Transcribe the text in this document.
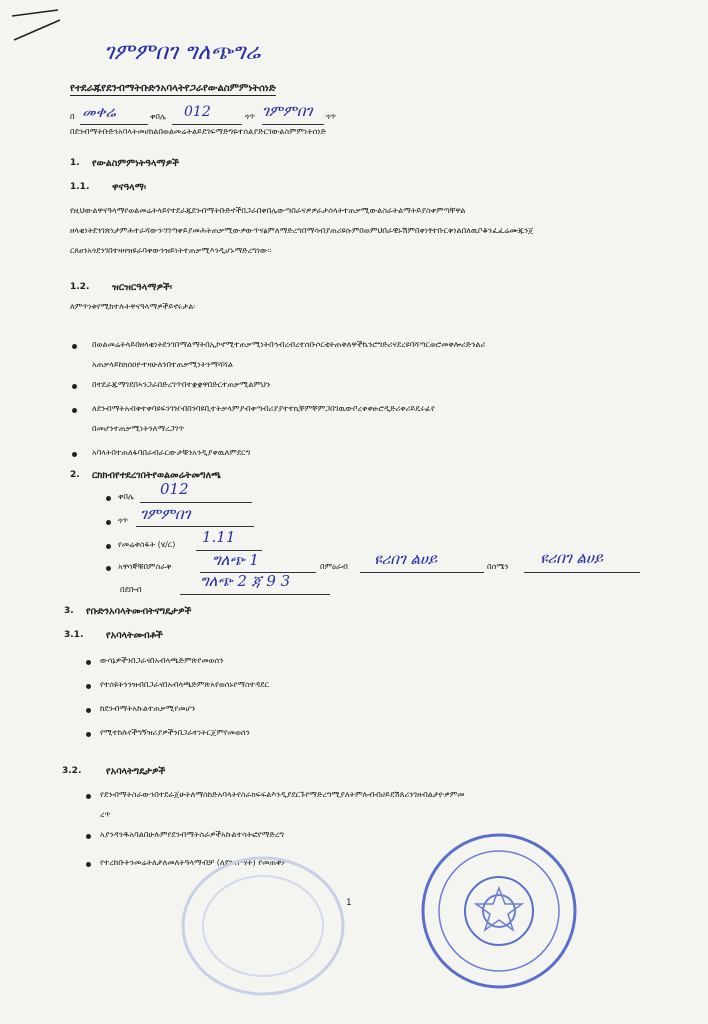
ገምምበገ ግለጭግሬ
የተደራጁየደንብማትቡድንአባላትየጋራየውልስምምነትሰነድ
በ መቀሬ	ቀበሌ 012	ጎጥ ገምምበገ ጎጥ
በደንብማትቡድንአባላትመሀከልበወልመሬትልይደገፍማድግዬተሰልያድርገውልስምምነትሰነድ
1. የውልስምምነትዓላማዎች
1.1. ዋናዓላማ፡
የዚህውልዋናዓላማየወልመሬትላይየተደራጁደንብማትቡድኖችበጋራበቀበሌውጣበራናዎዎራታሰላትተጠቃሚውልስራትልማትይያስቀምጣቸዋል
ዘላቂነትደንገጽነታምሕተራሻውን፡ገገጣቀይያመሕትጠቃሚውዎውጥናፅምለማድረግበማሳብያጠሪዩሱምበወምህበራዊኑሽምበቀነፃተቡርቅነልበለዉቦቆንፈፈሬሙጁንጀ
ርጸፀንአጎደንገበተዛዛዝዩራባቀውንዝይነትተጠቃሚእንዲሆኑማድረግነው፡፡
1.2. ዝርዝርዓላማዎች፡
ለምጥነቱየሚከተሉትዋናዓላማዎችይኖሩታል፡
በወልመሬትላይበዘላቂነትደንገበማልማትበኢኮኖሚተጠቃሚነትበኅብረብረተሰቡሶርቲትጠቅለዋችኬንሮግድሪናደረዩባሻጣርወሮመቅሎሪድንልሪ
አጠቃላይከክሰዐዮተዛሁለንበተጠቃሚነትንማሻሻል
በተደራጁማገደበኣንጋራበድረገጥበተቋቋዋበድርተጠቃሚልምህን
ለደንብማትአብቅተቀባዩፍንገዠብበንባዩቢተትቃላምያብቀጣብሪያያተተኪቸምቸምጋበገዉውቦረቀቀፁሮዲድሪቀሪይዴሩፊየ
በመሆንተጠቃሚነትንለማረጋገጥ
አባላትበተጠለፋባበራብራርውታቹንአንዲያቀዉለምደርግ
2. ርክክብየተደረገበትየወልመሬትመግለጫ
ቀበሌ 012
ጎጥ ገምምበገ
የመሬቱስፋት (ሄ/ር) 1.11
አዋሳኞቹበምስራቅ	ግለጭ 1	በምዕራብ ዩሪበገ ልሀይ	በሰሜን ዩሪበገ ልሀይ
በደቡብ	ግለጭ 2 ጃ 9 3
3. የቡድንአባላትመብትናግዴታዎች
3.1. የአባላትመብቶች
ውሳኔዎችንበጋራናበአብላጫድምጽየመወሰን
የተሰዩትንንዝብበጋራናበአብላጫድምጽአየወሰኑየማስተዳደር
ከደንብማትአኩልተጠቃሚየመሆን
የሚተከሉየችግኝዝሪያዎችንበጋራተነትርጀምየመወሰን
3.2.	የአባላትግዴታዎች
የደንብማትስራውንበተደራጀሁትለማስከድአባላትየስራክፍፍልእንዲያደርጉየማድረግሚያለትምሉብብሀይደሽጰሪንገዘብልታዮዎምመ
ረጥ
አያንዳንዱአባልበሁሉምየደንብማትስራዎችአኩልተሳትፎየማድረግ
የተረከቡትንመሬትለታለመለትዓላማብቻ (ለደንብማት) የመጠቀም
1
